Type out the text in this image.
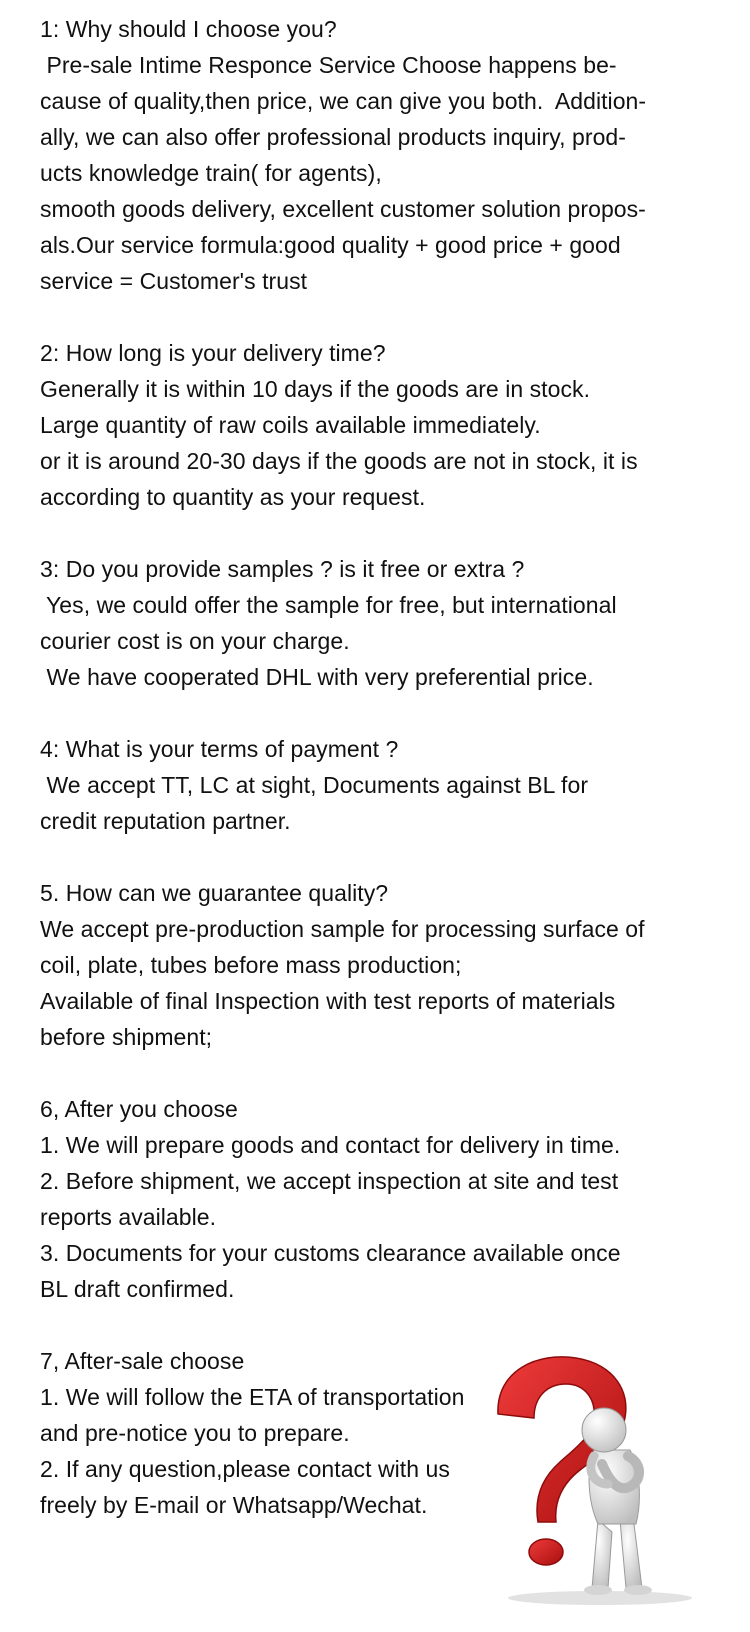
1: Why should I choose you?
Pre-sale Intime Responce Service Choose happens be-
cause of quality,then price, we can give you both.  Addition-
ally, we can also offer professional products inquiry, prod-
ucts knowledge train( for agents),
smooth goods delivery, excellent customer solution propos-
als.Our service formula:good quality + good price + good
service = Customer's trust
2: How long is your delivery time?
Generally it is within 10 days if the goods are in stock.
Large quantity of raw coils available immediately.
or it is around 20-30 days if the goods are not in stock, it is
according to quantity as your request.
3: Do you provide samples ? is it free or extra ?
Yes, we could offer the sample for free, but international
courier cost is on your charge.
We have cooperated DHL with very preferential price.
4: What is your terms of payment ?
We accept TT, LC at sight, Documents against BL for
credit reputation partner.
5. How can we guarantee quality?
We accept pre-production sample for processing surface of
coil, plate, tubes before mass production;
Available of final Inspection with test reports of materials
before shipment;
6, After you choose
1. We will prepare goods and contact for delivery in time.
2. Before shipment, we accept inspection at site and test
reports available.
3. Documents for your customs clearance available once
BL draft confirmed.
7, After-sale choose
1. We will follow the ETA of transportation
and pre-notice you to prepare.
2. If any question,please contact with us
freely by E-mail or Whatsapp/Wechat.
